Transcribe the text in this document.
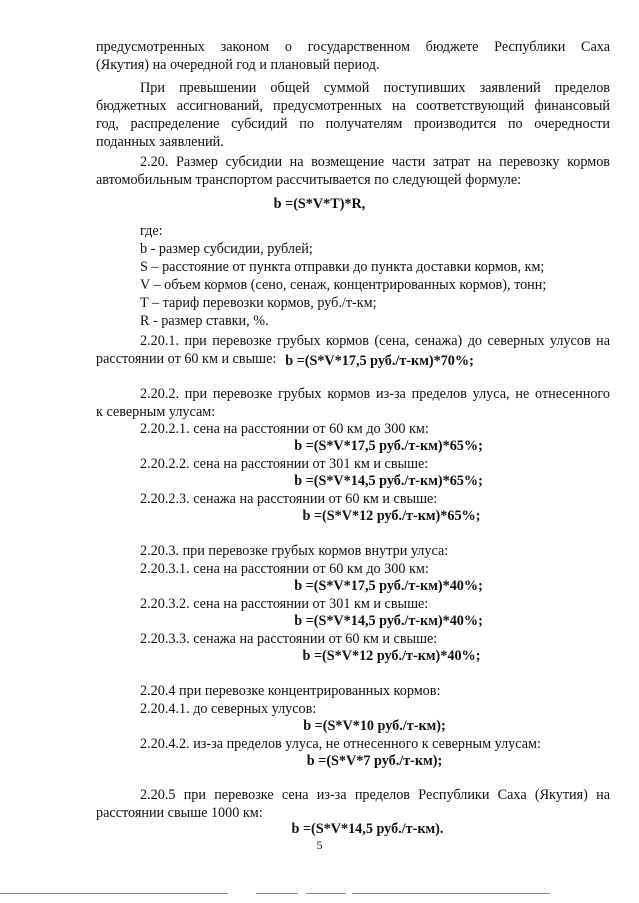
предусмотренных законом о государственном бюджете Республики Саха
(Якутия) на очередной год и плановый период.
При превышении общей суммой поступивших заявлений пределов
бюджетных ассигнований, предусмотренных на соответствующий финансовый
год, распределение субсидий по получателям производится по очередности
поданных заявлений.
2.20. Размер субсидии на возмещение части затрат на перевозку кормов
автомобильным транспортом рассчитывается по следующей формуле:
b =(S*V*T)*R,
где:
b - размер субсидии, рублей;
S – расстояние от пункта отправки до пункта доставки кормов, км;
V – объем кормов (сено, сенаж, концентрированных кормов), тонн;
T – тариф перевозки кормов, руб./т-км;
R - размер ставки, %.
2.20.1. при перевозке грубых кормов (сена, сенажа) до северных улусов на
расстоянии от 60 км и свыше: b =(S*V*17,5 руб./т-км)*70%;
2.20.2. при перевозке грубых кормов из-за пределов улуса, не отнесенного
к северным улусам:
2.20.2.1. сена на расстоянии от 60 км до 300 км:
b =(S*V*17,5 руб./т-км)*65%;
2.20.2.2. сена на расстоянии от 301 км и свыше:
b =(S*V*14,5 руб./т-км)*65%;
2.20.2.3. сенажа на расстоянии от 60 км и свыше:
b =(S*V*12 руб./т-км)*65%;
2.20.3. при перевозке грубых кормов внутри улуса:
2.20.3.1. сена на расстоянии от 60 км до 300 км:
b =(S*V*17,5 руб./т-км)*40%;
2.20.3.2. сена на расстоянии от 301 км и свыше:
b =(S*V*14,5 руб./т-км)*40%;
2.20.3.3. сенажа на расстоянии от 60 км и свыше:
b =(S*V*12 руб./т-км)*40%;
2.20.4 при перевозке концентрированных кормов:
2.20.4.1. до северных улусов:
b =(S*V*10 руб./т-км);
2.20.4.2. из-за пределов улуса, не отнесенного к северным улусам:
b =(S*V*7 руб./т-км);
2.20.5 при перевозке сена из-за пределов Республики Саха (Якутия) на
расстоянии свыше 1000 км:
b =(S*V*14,5 руб./т-км).
5
